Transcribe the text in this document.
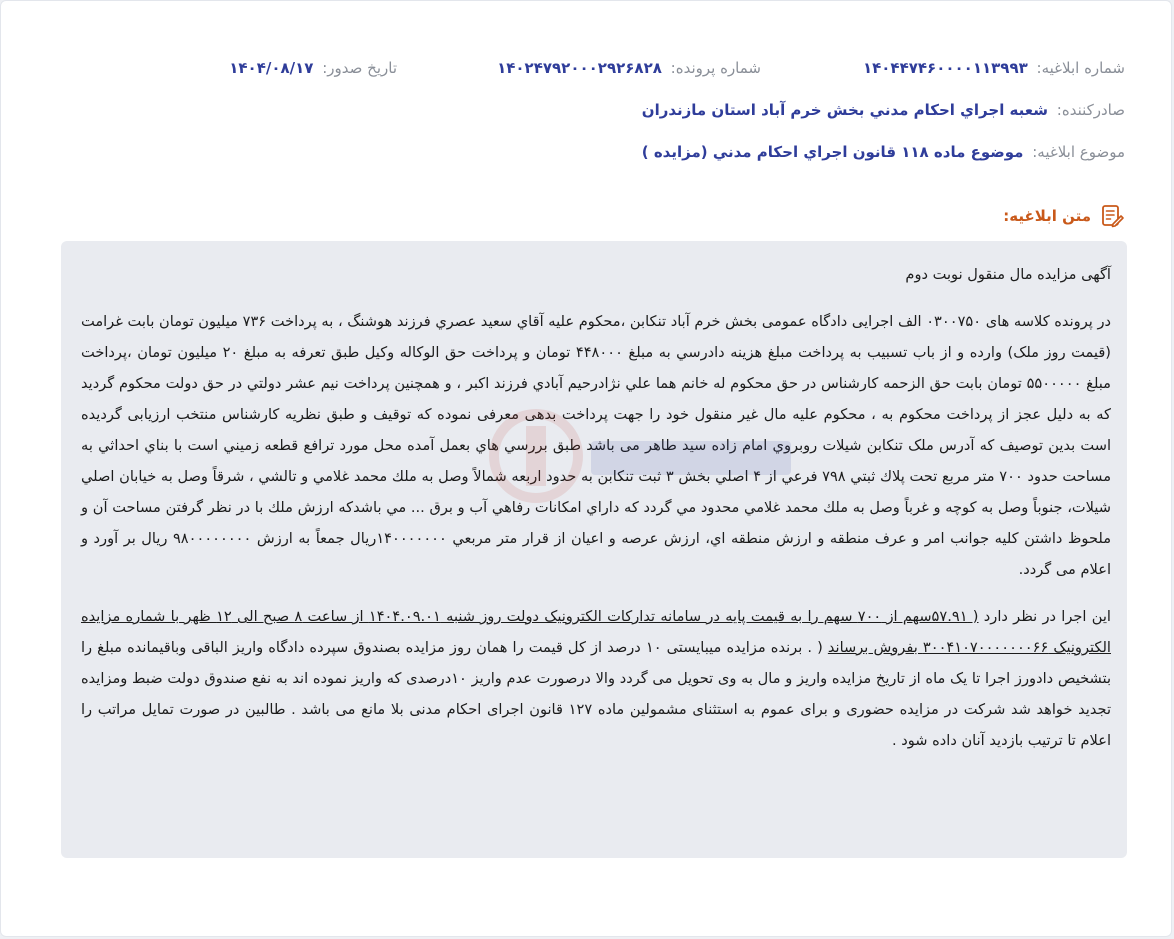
شماره ابلاغیه: ۱۴۰۴۴۷۴۶۰۰۰۰۱۱۳۹۹۳
شماره پرونده: ۱۴۰۲۴۷۹۲۰۰۰۲۹۲۶۸۲۸
تاریخ صدور: ۱۴۰۴/۰۸/۱۷
صادرکننده: شعبه اجراي احكام مدني بخش خرم آباد استان مازندران
موضوع ابلاغیه: موضوع ماده ۱۱۸ قانون اجراي احكام مدني (مزايده )
متن ابلاغیه:
آگهی مزایده مال منقول نوبت دوم

در پرونده کلاسه های ۰۳۰۰۷۵۰ الف اجرایی دادگاه عمومی بخش خرم آباد تنکابن ،محكوم عليه آقاي سعيد عصري فرزند هوشنگ ، به پرداخت ۷۳۶ ميليون تومان بابت غرامت (قيمت روز ملک) وارده و از باب تسبيب به پرداخت مبلغ هزينه دادرسي به مبلغ ۴۴۸۰۰۰ تومان و پرداخت حق الوكاله وكيل طبق تعرفه به مبلغ ۲۰ ميليون تومان ،پرداخت مبلغ ۵۵۰۰۰۰۰ تومان بابت حق الزحمه كارشناس در حق محكوم له خانم هما علي نژادرحيم آبادي فرزند اكبر ، و همچنين پرداخت نيم عشر دولتي در حق دولت محکوم گرديد كه به دليل عجز از پرداخت محكوم به ، محکوم علیه مال غیر منقول خود را جهت پرداخت بدهی معرفی نموده که توقیف و طبق نظریه کارشناس منتخب ارزیابی گردیده است بدین توصیف که آدرس ملک تنکابن شيلات روبروي امام زاده سيد طاهر می باشد طبق بررسي هاي بعمل آمده محل مورد ترافع قطعه زميني است با بناي احداثي به مساحت حدود ۷۰۰ متر مربع تحت پلاك ثبتي ۷۹۸ فرعي از ۴ اصلي بخش ۳ ثبت تنكابن به حدود اربعه شمالاً وصل به ملك محمد غلامي و تالشي ، شرقاً وصل به خيابان اصلي شيلات، جنوباً وصل به كوچه و غرباً وصل به ملك محمد غلامي محدود مي گردد كه داراي امكانات رفاهي آب و برق ... مي باشدكه ارزش ملك با در نظر گرفتن مساحت آن و ملحوظ داشتن كليه جوانب امر و عرف منطقه و ارزش منطقه اي، ارزش عرصه و اعيان از قرار متر مربعي ۱۴۰۰۰۰۰۰۰ريال جمعاً به ارزش ۹۸۰۰۰۰۰۰۰۰ ريال بر آورد و اعلام می گردد.

این اجرا در نظر دارد ( ۵۷.۹۱سهم از ۷۰۰ سهم را به قیمت پایه در سامانه تدارکات الکترونیک دولت روز شنبه ۱۴۰۴.۰۹.۰۱ از ساعت ۸ صبح الی ۱۲ ظهر با شماره مزایده الکترونیک ۳۰۰۴۱۰۷۰۰۰۰۰۰۰۶۶ بفروش برساند ( . برنده مزایده میبایستی ۱۰ درصد از کل قیمت را همان روز مزایده بصندوق سپرده دادگاه واریز الباقی وباقیمانده مبلغ را بتشخیص دادورز اجرا تا یک ماه از تاریخ مزایده واریز و مال به وی تحویل می گردد والا درصورت عدم واریز ۱۰درصدی که واریز نموده اند به نفع صندوق دولت ضبط ومزایده تجدید خواهد شد شرکت در مزایده حضوری و برای عموم به استثنای مشمولین ماده ۱۲۷ قانون اجرای احکام مدنی بلا مانع می باشد . طالبین در صورت تمایل مراتب را اعلام تا ترتیب بازدید آنان داده شود .
